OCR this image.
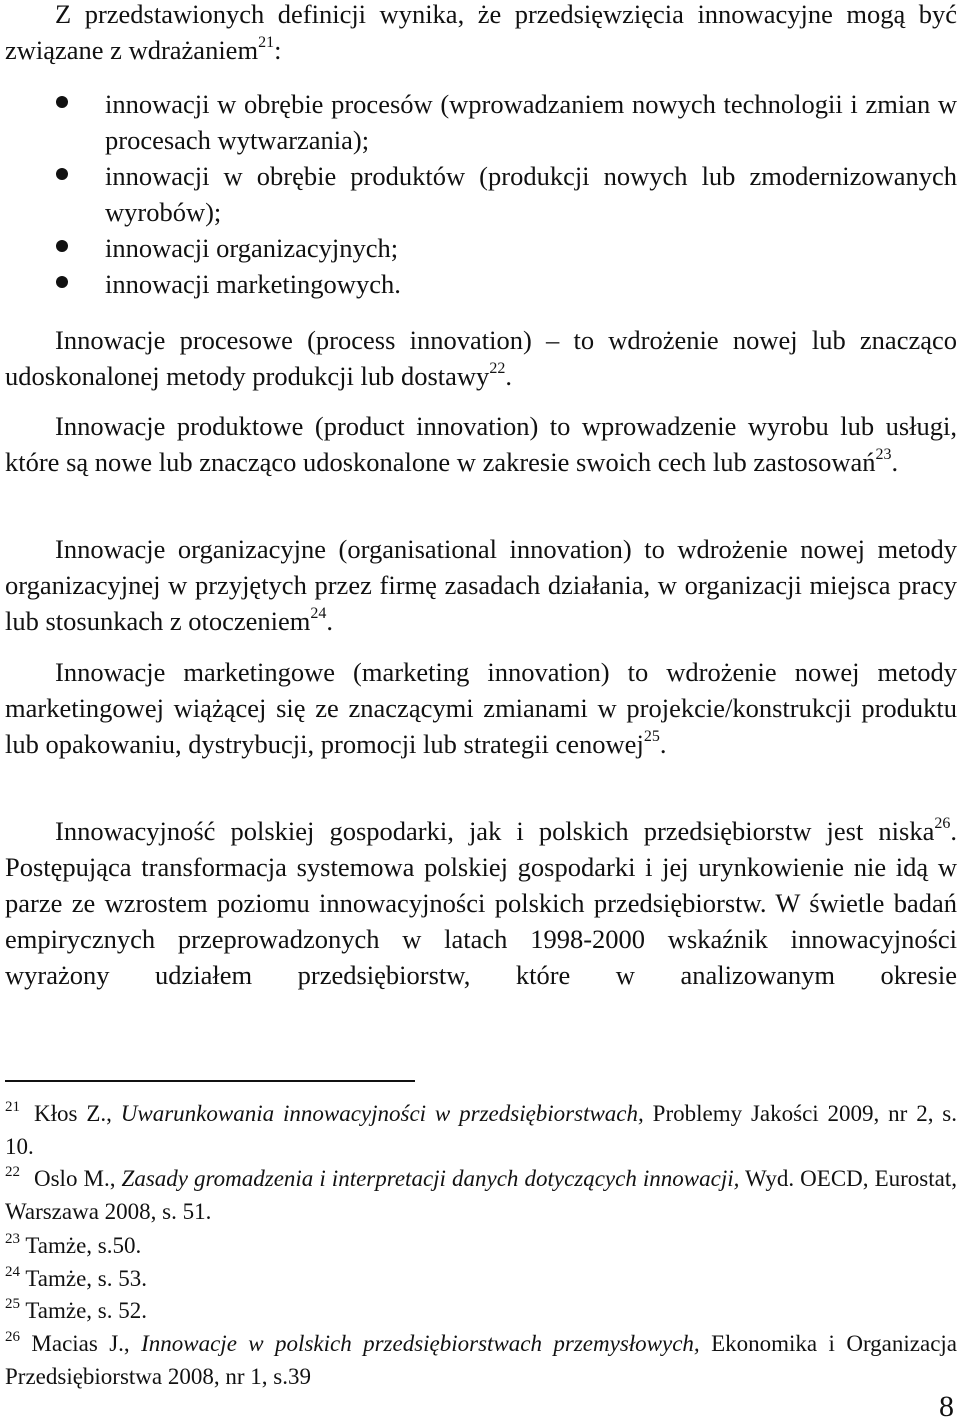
Z przedstawionych definicji wynika, że przedsięwzięcia innowacyjne mogą być związane z wdrażaniem$^{21}$:

innowacji w obrębie procesów (wprowadzaniem nowych technologii i zmian w procesach wytwarzania);
innowacji w obrębie produktów (produkcji nowych lub zmodernizowanych wyrobów);
innowacji organizacyjnych;
innowacji marketingowych.

Innowacje procesowe (process innovation) – to wdrożenie nowej lub znacząco udoskonalonej metody produkcji lub dostawy$^{22}$.

Innowacje produktowe (product innovation) to wprowadzenie wyrobu lub usługi, które są nowe lub znacząco udoskonalone w zakresie swoich cech lub zastosowań$^{23}$.

Innowacje organizacyjne (organisational innovation) to wdrożenie nowej metody organizacyjnej w przyjętych przez firmę zasadach działania, w organizacji miejsca pracy lub stosunkach z otoczeniem$^{24}$.

Innowacje marketingowe (marketing innovation) to wdrożenie nowej metody marketingowej wiążącej się ze znaczącymi zmianami w projekcie/konstrukcji produktu lub opakowaniu, dystrybucji, promocji lub strategii cenowej$^{25}$.

Innowacyjność polskiej gospodarki, jak i polskich przedsiębiorstw jest niska$^{26}$. Postępująca transformacja systemowa polskiej gospodarki i jej urynkowienie nie idą w parze ze wzrostem poziomu innowacyjności polskich przedsiębiorstw. W świetle badań empirycznych przeprowadzonych w latach 1998-2000 wskaźnik innowacyjności wyrażony udziałem przedsiębiorstw, które w analizowanym okresie

$^{21}$ Kłos Z., Uwarunkowania innowacyjności w przedsiębiorstwach, Problemy Jakości 2009, nr 2, s. 10.

$^{22}$ Oslo M., Zasady gromadzenia i interpretacji danych dotyczących innowacji, Wyd. OECD, Eurostat, Warszawa 2008, s. 51.

$^{23}$ Tamże, s.50.

$^{24}$ Tamże, s. 53.

$^{25}$ Tamże, s. 52.

$^{26}$ Macias J., Innowacje w polskich przedsiębiorstwach przemysłowych, Ekonomika i Organizacja Przedsiębiorstwa 2008, nr 1, s.39

8
